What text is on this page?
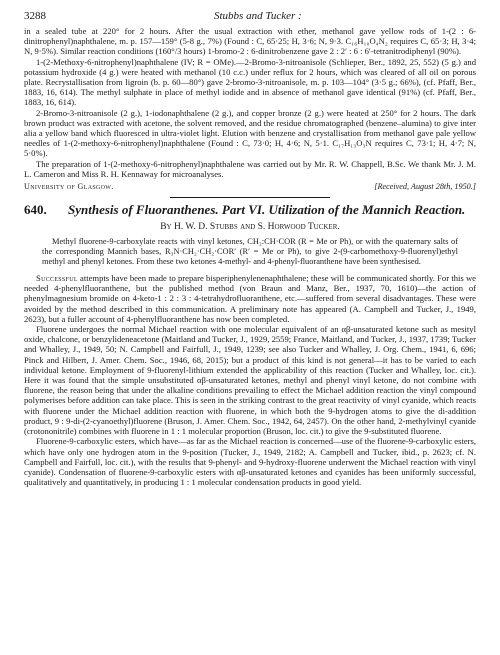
3288	Stubbs and Tucker :

in a sealed tube at 220° for 2 hours. After the usual extraction with ether, methanol gave yellow rods of 1-(2 : 6-dinitrophenyl)naphthalene, m. p. 157—159° (5-8 g., 7%) (Found : C, 65·25; H, 3·6; N, 9·3. C₁₆H₁₀O₄N₂ requires C, 65·3; H, 3·4; N, 9·5%). Similar reaction conditions (160°/3 hours) 1-bromo-2 : 6-dinitrobenzene gave 2 : 2′ : 6 : 6′-tetranitrodiphenyl (90%).

1-(2-Methoxy-6-nitrophenyl)naphthalene (IV; R = OMe).—2-Bromo-3-nitroanisole (Schlieper, Ber., 1892, 25, 552) (5 g.) and potassium hydroxide (4 g.) were heated with methanol (10 c.c.) under reflux for 2 hours, which was cleared of all oil on porous plate. Recrystallisation from ligroin (b. p. 60—80°) gave 2-bromo-3-nitroanisole, m. p. 103—104° (3·5 g.; 66%), (cf. Pfaff, Ber., 1883, 16, 614). The methyl sulphate in place of methyl iodide and in absence of methanol gave identical (91%) (cf. Pfaff, Ber., 1883, 16, 614).

2-Bromo-3-nitroanisole (2 g.), 1-iodonaphthalene (2 g.), and copper bronze (2 g.) were heated at 250° for 2 hours. The dark brown product was extracted with acetone, the solvent removed, and the residue chromatographed (benzene–alumina) to give inter alia a yellow band which fluoresced in ultra-violet light. Elution with benzene and crystallisation from methanol gave pale yellow needles of 1-(2-methoxy-6-nitrophenyl)naphthalene (Found : C, 73·0; H, 4·6; N, 5·1. C₁₇H₁₃O₃N requires C, 73·1; H, 4·7; N, 5·0%).

The preparation of 1-(2-methoxy-6-nitrophenyl)naphthalene was carried out by Mr. R. W. Chappell, B.Sc. We thank Mr. J. M. L. Cameron and Miss R. H. Kennaway for microanalyses.

University of Glasgow.	[Received, August 28th, 1950.]
640.	Synthesis of Fluoranthenes. Part VI. Utilization of the Mannich Reaction.
By H. W. D. Stubbs and S. Horwood Tucker.

Methyl fluorene-9-carboxylate reacts with vinyl ketones, CH₂:CH·COR (R = Me or Ph), or with the quaternary salts of the corresponding Mannich bases, R₃N·CH₂·CH₂·COR′ (R′ = Me or Ph), to give 2-(9-carbomethoxy-9-fluorenyl)ethyl methyl and phenyl ketones. From these two ketones 4-methyl- and 4-phenyl-fluoranthene have been synthesised.

Successful attempts have been made to prepare bisperiphenylenenaphthalene; these will be communicated shortly. For this we needed 4-phenylfluoranthene, but the published method (von Braun and Manz, Ber., 1937, 70, 1610)—the action of phenylmagnesium bromide on 4-keto-1 : 2 : 3 : 4-tetrahydrofluoranthene, etc.—suffered from several disadvantages. These were avoided by the method described in this communication. A preliminary note has appeared (A. Campbell and Tucker, J., 1949, 2623), but a fuller account of 4-phenylfluoranthene has now been completed.

Fluorene undergoes the normal Michael reaction with one molecular equivalent of an αβ-unsaturated ketone such as mesityl oxide, chalcone, or benzylideneacetone (Maitland and Tucker, J., 1929, 2559; France, Maitland, and Tucker, J., 1937, 1739; Tucker and Whalley, J., 1949, 50; N. Campbell and Fairfull, J., 1949, 1239; see also Tucker and Whalley, J. Org. Chem., 1941, 6, 696; Pinck and Hilbert, J. Amer. Chem. Soc., 1946, 68, 2015); but a product of this kind is not general—it has to be varied to each individual ketone. Employment of 9-fluorenyl-lithium extended the applicability of this reaction (Tucker and Whalley, loc. cit.). Here it was found that the simple unsubstituted αβ-unsaturated ketones, methyl and phenyl vinyl ketone, do not combine with fluorene, the reason being that under the alkaline conditions prevailing to effect the Michael addition reaction the vinyl compound polymerises before addition can take place. This is seen in the striking contrast to the great reactivity of vinyl cyanide, which reacts with fluorene under the Michael addition reaction with fluorene, in which both the 9-hydrogen atoms to give the di-addition product, 9 : 9-di-(2-cyanoethyl)fluorene (Bruson, J. Amer. Chem. Soc., 1942, 64, 2457). On the other hand, 2-methylvinyl cyanide (crotononitrile) combines with fluorene in 1 : 1 molecular proportion (Bruson, loc. cit.) to give the 9-substituted fluorene.

Fluorene-9-carboxylic esters, which have—as far as the Michael reaction is concerned—use of the fluorene-9-carboxylic esters, which have only one hydrogen atom in the 9-position (Tucker, J., 1949, 2182; A. Campbell and Tucker, ibid., p. 2623; cf. N. Campbell and Fairfull, loc. cit.), with the results that 9-phenyl- and 9-hydroxy-fluorene underwent the Michael reaction with vinyl cyanide). Condensation of fluorene-9-carboxylic esters with αβ-unsaturated ketones and cyanides has been uniformly successful, qualitatively and quantitatively, in producing 1 : 1 molecular condensation products in good yield.
